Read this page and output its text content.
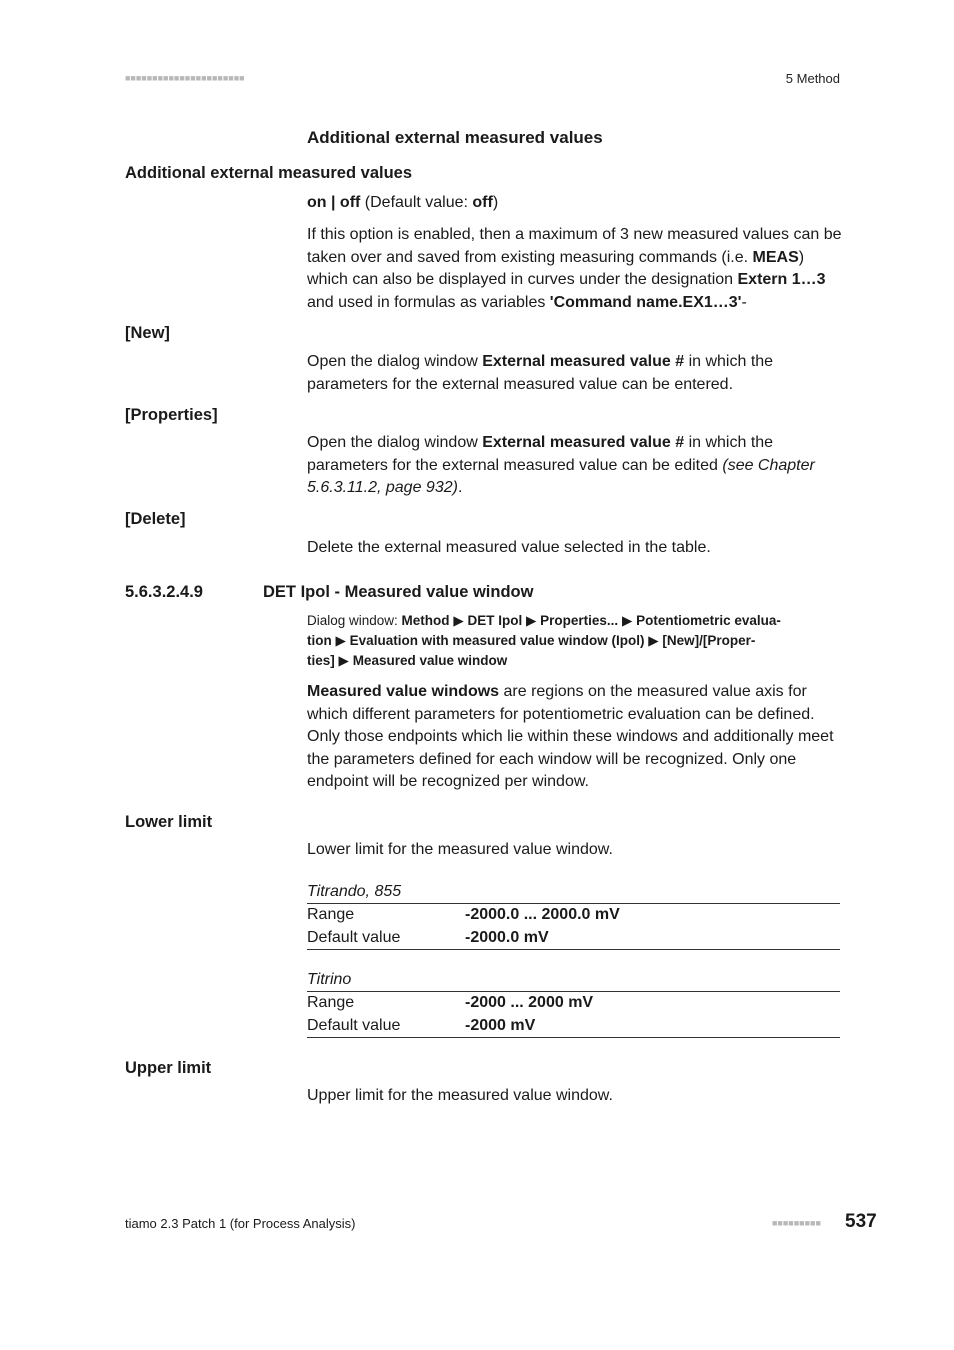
■■■■■■■■■■■■■■■■■■■■■■	5 Method
Additional external measured values
Additional external measured values
on | off (Default value: off)
If this option is enabled, then a maximum of 3 new measured values can be taken over and saved from existing measuring commands (i.e. MEAS) which can also be displayed in curves under the designation Extern 1…3 and used in formulas as variables 'Command name.EX1…3'-
[New]
Open the dialog window External measured value # in which the parameters for the external measured value can be entered.
[Properties]
Open the dialog window External measured value # in which the parameters for the external measured value can be edited (see Chapter 5.6.3.11.2, page 932).
[Delete]
Delete the external measured value selected in the table.
5.6.3.2.4.9	DET Ipol - Measured value window
Dialog window: Method ▶ DET Ipol ▶ Properties... ▶ Potentiometric evalua-
tion ▶ Evaluation with measured value window (Ipol) ▶ [New]/[Proper-
ties] ▶ Measured value window
Measured value windows are regions on the measured value axis for which different parameters for potentiometric evaluation can be defined. Only those endpoints which lie within these windows and additionally meet the parameters defined for each window will be recognized. Only one endpoint will be recognized per window.
Lower limit
Lower limit for the measured value window.
Titrando, 855
Range	-2000.0 ... 2000.0 mV
Default value	-2000.0 mV
Titrino
Range	-2000 ... 2000 mV
Default value	-2000 mV
Upper limit
Upper limit for the measured value window.
tiamo 2.3 Patch 1 (for Process Analysis)	■■■■■■■■■ 537
